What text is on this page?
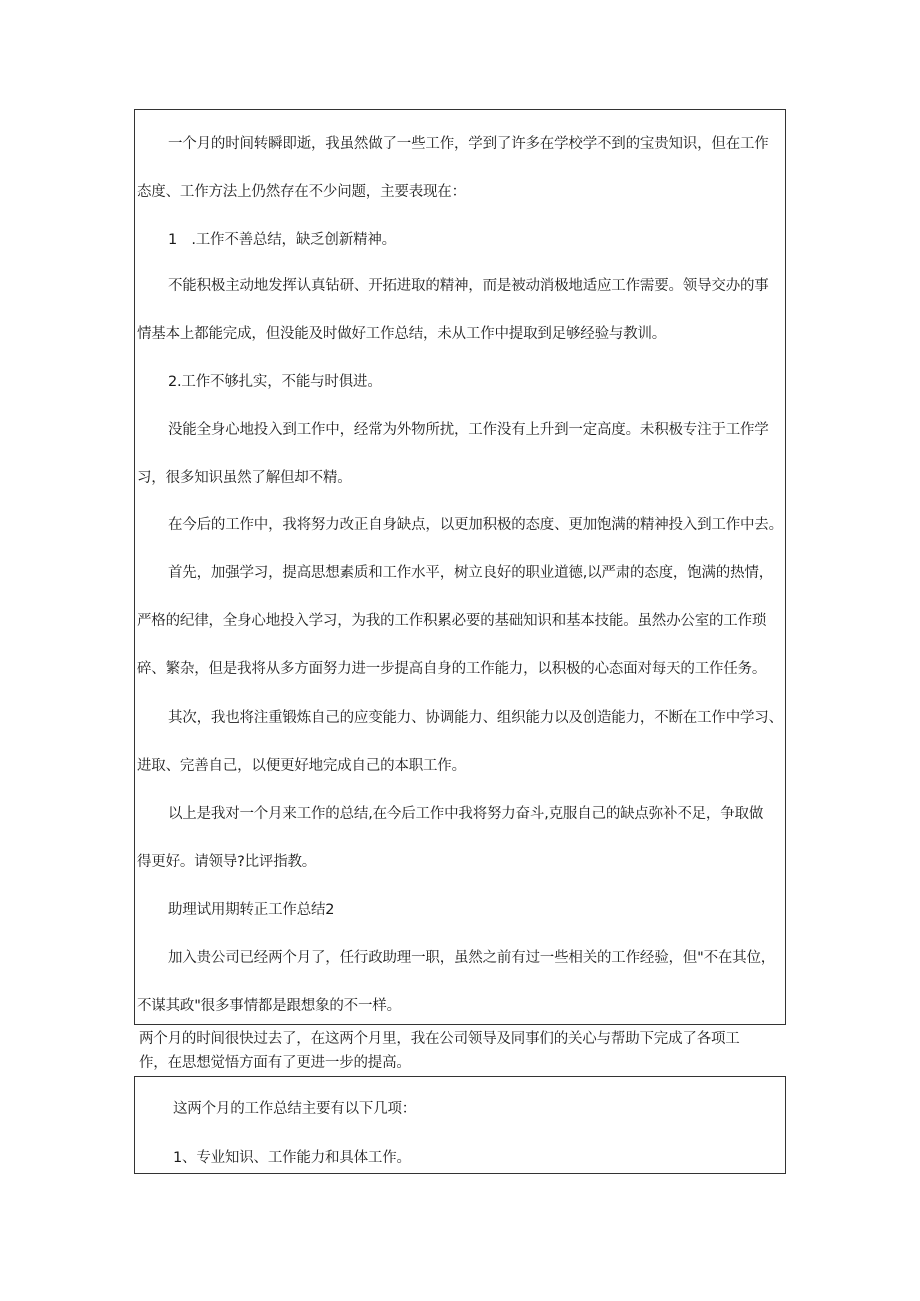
一个月的时间转瞬即逝，我虽然做了一些工作，学到了许多在学校学不到的宝贵知识，但在工作
态度、工作方法上仍然存在不少问题，主要表现在：
1　.工作不善总结，缺乏创新精神。
不能积极主动地发挥认真钻研、开拓进取的精神，而是被动消极地适应工作需要。领导交办的事
情基本上都能完成，但没能及时做好工作总结，未从工作中提取到足够经验与教训。
2.工作不够扎实，不能与时俱进。
没能全身心地投入到工作中，经常为外物所扰，工作没有上升到一定高度。未积极专注于工作学
习，很多知识虽然了解但却不精。
在今后的工作中，我将努力改正自身缺点，以更加积极的态度、更加饱满的精神投入到工作中去。
首先，加强学习，提高思想素质和工作水平，树立良好的职业道德,以严肃的态度，饱满的热情，
严格的纪律，全身心地投入学习，为我的工作积累必要的基础知识和基本技能。虽然办公室的工作琐
碎、繁杂，但是我将从多方面努力进一步提高自身的工作能力，以积极的心态面对每天的工作任务。
其次，我也将注重锻炼自己的应变能力、协调能力、组织能力以及创造能力，不断在工作中学习、
进取、完善自己，以便更好地完成自己的本职工作。
以上是我对一个月来工作的总结,在今后工作中我将努力奋斗,克服自己的缺点弥补不足，争取做
得更好。请领导?比评指教。
助理试用期转正工作总结2
加入贵公司已经两个月了，任行政助理一职，虽然之前有过一些相关的工作经验，但"不在其位，
不谋其政"很多事情都是跟想象的不一样。
两个月的时间很快过去了，在这两个月里，我在公司领导及同事们的关心与帮助下完成了各项工
作，在思想觉悟方面有了更进一步的提高。
这两个月的工作总结主要有以下几项：
1、专业知识、工作能力和具体工作。
